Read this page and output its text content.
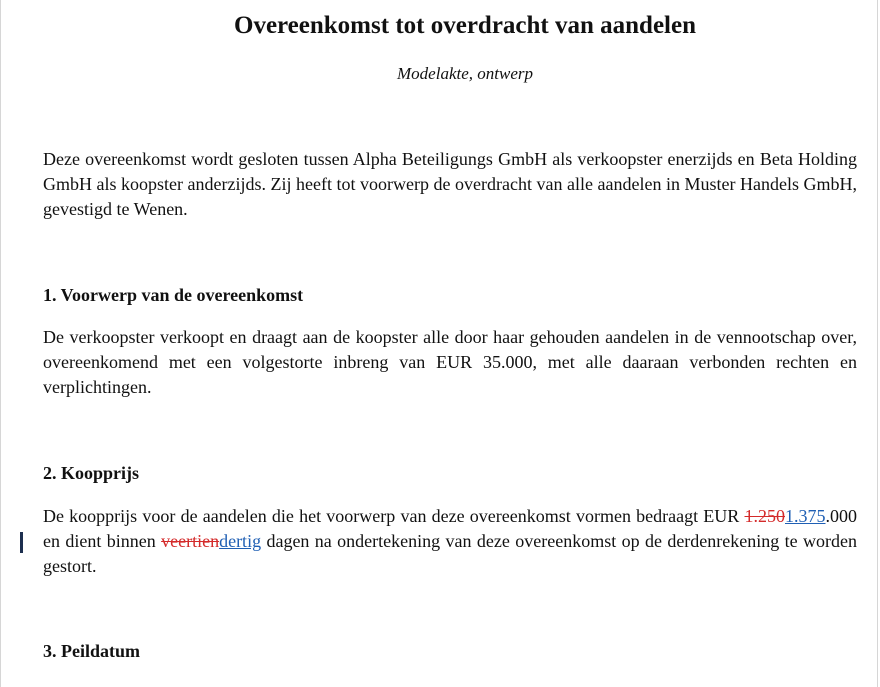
Overeenkomst tot overdracht van aandelen
Modelakte, ontwerp

Deze overeenkomst wordt gesloten tussen Alpha Beteiligungs GmbH als verkoopster enerzijds en Beta Holding GmbH als koopster anderzijds. Zij heeft tot voorwerp de overdracht van alle aandelen in Muster Handels GmbH, gevestigd te Wenen.

1. Voorwerp van de overeenkomst

De verkoopster verkoopt en draagt aan de koopster alle door haar gehouden aandelen in de vennootschap over, overeenkomend met een volgestorte inbreng van EUR 35.000, met alle daaraan verbonden rechten en verplichtingen.

2. Koopprijs

De koopprijs voor de aandelen die het voorwerp van deze overeenkomst vormen bedraagt EUR 1.2501.375.000 en dient binnen veertiendertig dagen na ondertekening van deze overeenkomst op de derdenrekening te worden gestort.

3. Peildatum
